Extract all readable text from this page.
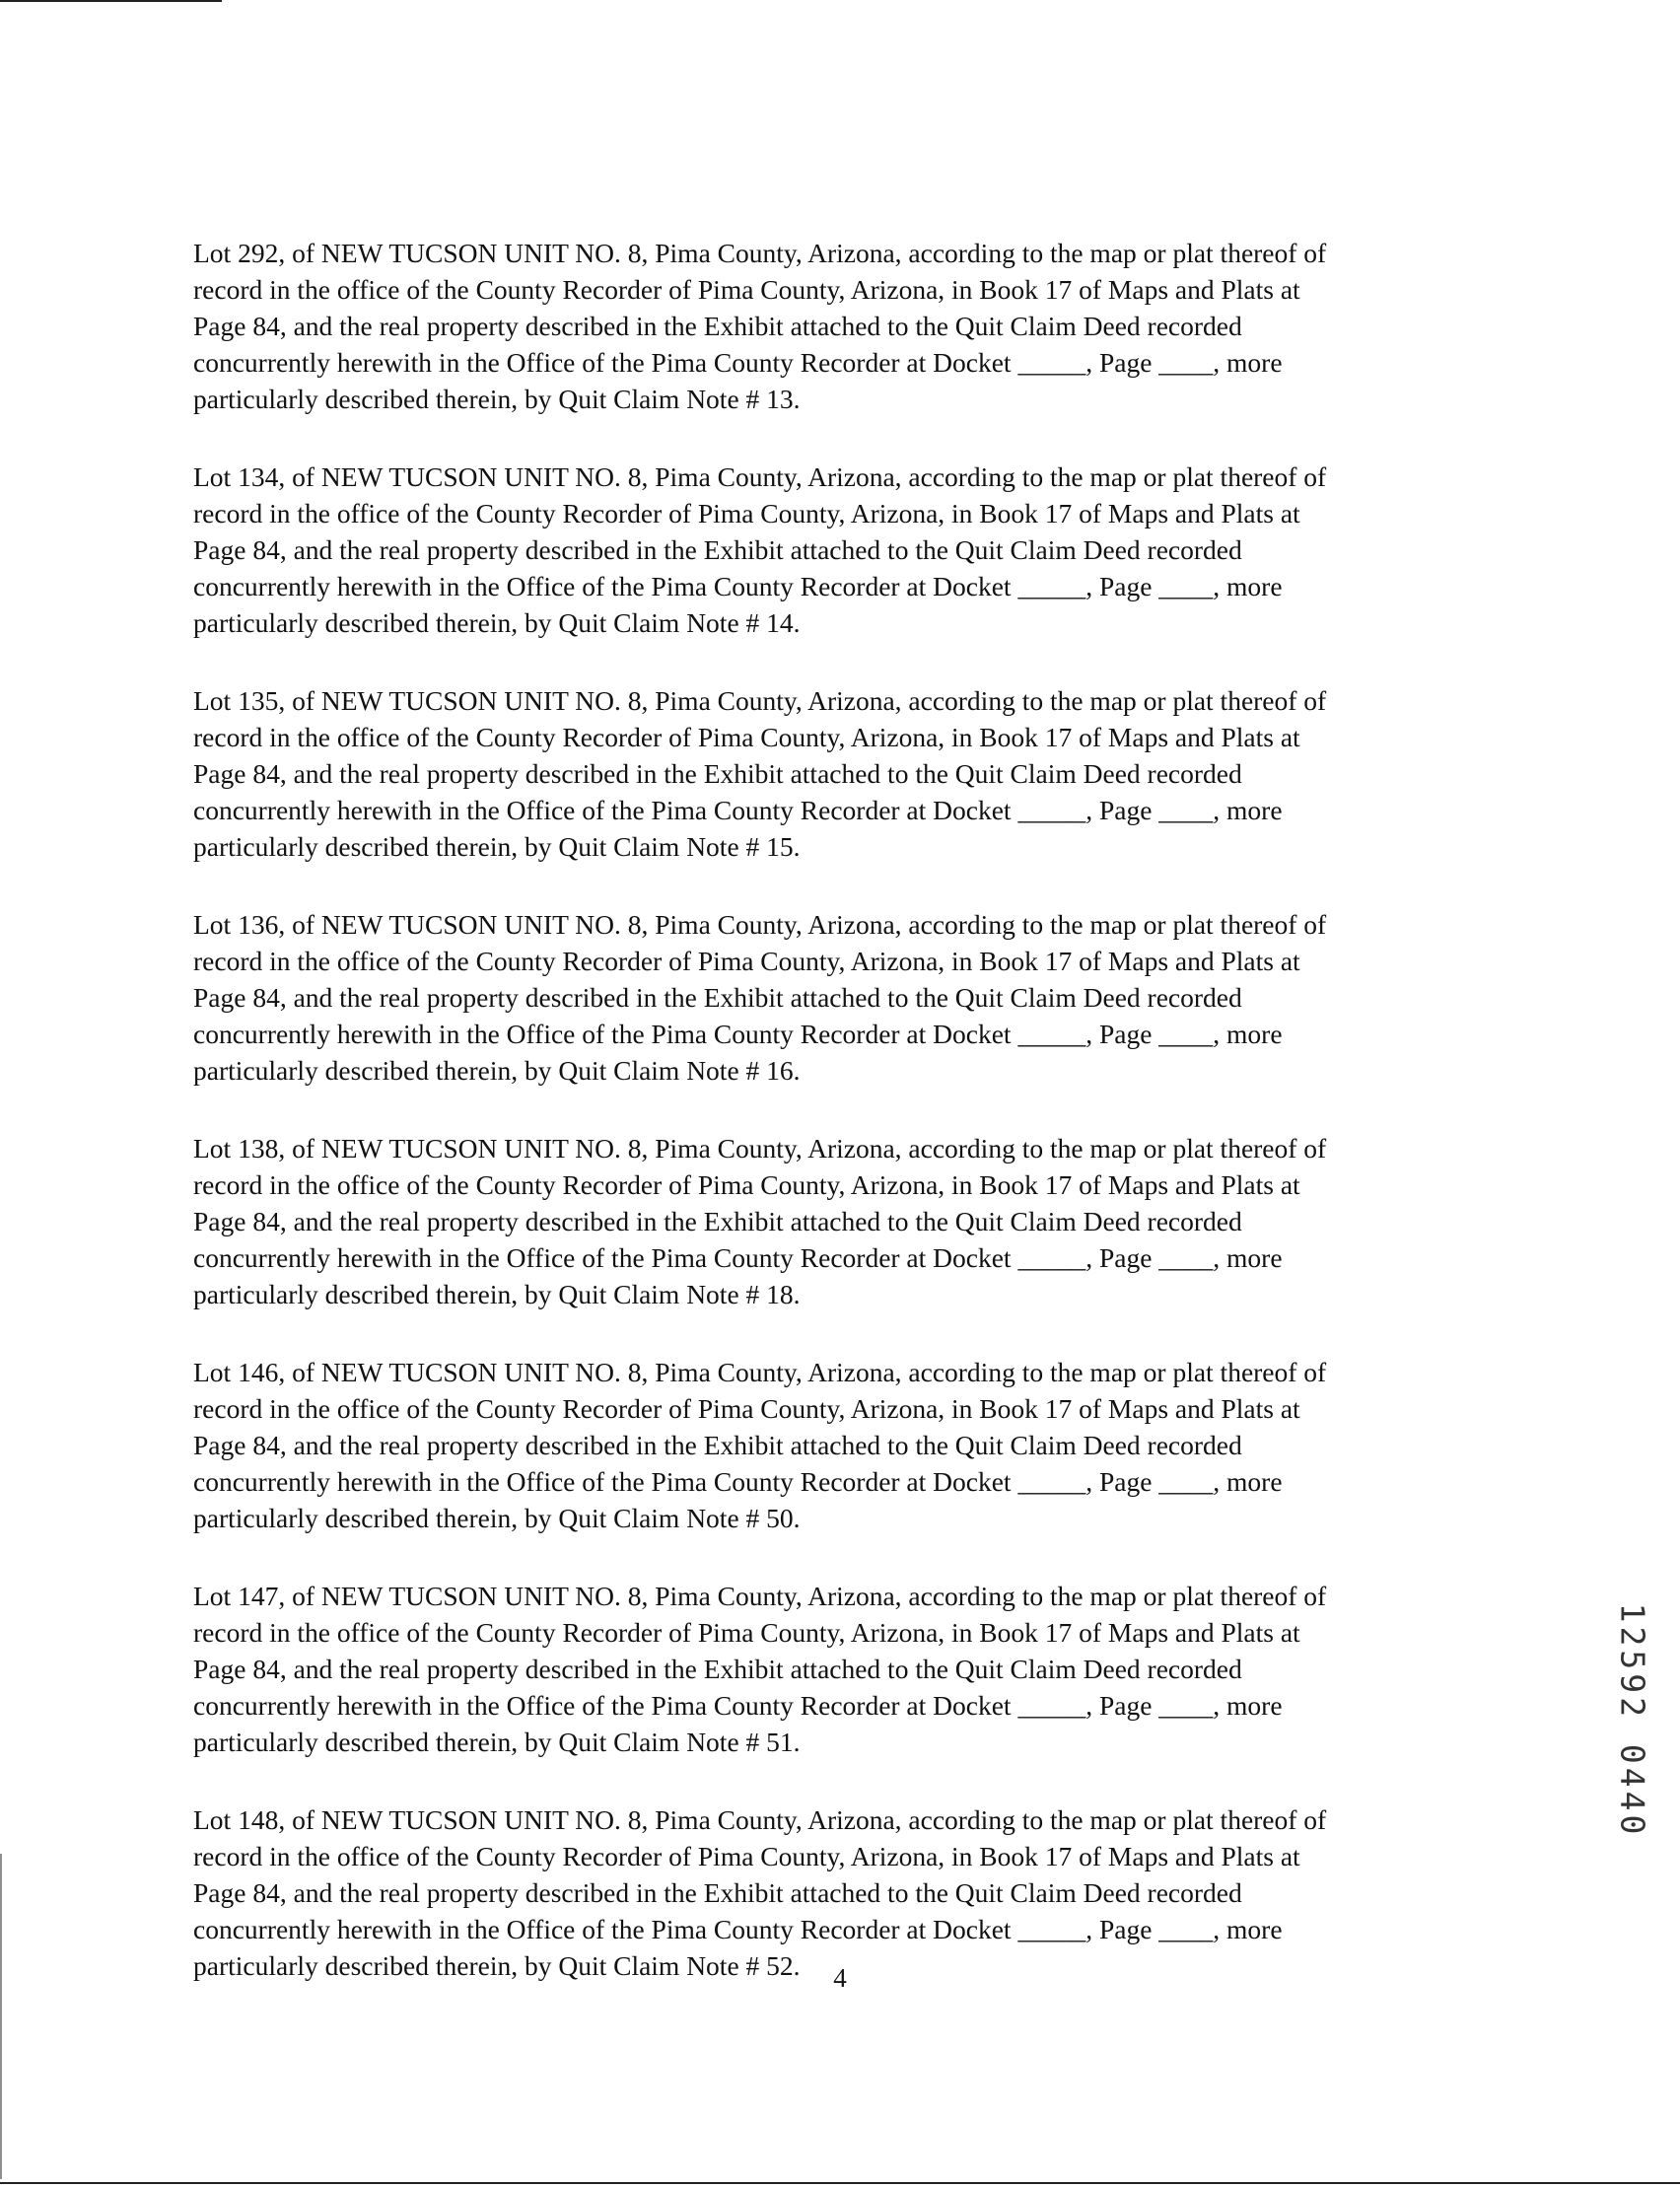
Lot 292, of NEW TUCSON UNIT NO. 8, Pima County, Arizona, according to the map or plat thereof of
record in the office of the County Recorder of Pima County, Arizona, in Book 17 of Maps and Plats at
Page 84, and the real property described in the Exhibit attached to the Quit Claim Deed recorded
concurrently herewith in the Office of the Pima County Recorder at Docket _____, Page ____, more
particularly described therein, by Quit Claim Note # 13.

Lot 134, of NEW TUCSON UNIT NO. 8, Pima County, Arizona, according to the map or plat thereof of
record in the office of the County Recorder of Pima County, Arizona, in Book 17 of Maps and Plats at
Page 84, and the real property described in the Exhibit attached to the Quit Claim Deed recorded
concurrently herewith in the Office of the Pima County Recorder at Docket _____, Page ____, more
particularly described therein, by Quit Claim Note # 14.

Lot 135, of NEW TUCSON UNIT NO. 8, Pima County, Arizona, according to the map or plat thereof of
record in the office of the County Recorder of Pima County, Arizona, in Book 17 of Maps and Plats at
Page 84, and the real property described in the Exhibit attached to the Quit Claim Deed recorded
concurrently herewith in the Office of the Pima County Recorder at Docket _____, Page ____, more
particularly described therein, by Quit Claim Note # 15.

Lot 136, of NEW TUCSON UNIT NO. 8, Pima County, Arizona, according to the map or plat thereof of
record in the office of the County Recorder of Pima County, Arizona, in Book 17 of Maps and Plats at
Page 84, and the real property described in the Exhibit attached to the Quit Claim Deed recorded
concurrently herewith in the Office of the Pima County Recorder at Docket _____, Page ____, more
particularly described therein, by Quit Claim Note # 16.

Lot 138, of NEW TUCSON UNIT NO. 8, Pima County, Arizona, according to the map or plat thereof of
record in the office of the County Recorder of Pima County, Arizona, in Book 17 of Maps and Plats at
Page 84, and the real property described in the Exhibit attached to the Quit Claim Deed recorded
concurrently herewith in the Office of the Pima County Recorder at Docket _____, Page ____, more
particularly described therein, by Quit Claim Note # 18.

Lot 146, of NEW TUCSON UNIT NO. 8, Pima County, Arizona, according to the map or plat thereof of
record in the office of the County Recorder of Pima County, Arizona, in Book 17 of Maps and Plats at
Page 84, and the real property described in the Exhibit attached to the Quit Claim Deed recorded
concurrently herewith in the Office of the Pima County Recorder at Docket _____, Page ____, more
particularly described therein, by Quit Claim Note # 50.

Lot 147, of NEW TUCSON UNIT NO. 8, Pima County, Arizona, according to the map or plat thereof of
record in the office of the County Recorder of Pima County, Arizona, in Book 17 of Maps and Plats at
Page 84, and the real property described in the Exhibit attached to the Quit Claim Deed recorded
concurrently herewith in the Office of the Pima County Recorder at Docket _____, Page ____, more
particularly described therein, by Quit Claim Note # 51.

Lot 148, of NEW TUCSON UNIT NO. 8, Pima County, Arizona, according to the map or plat thereof of
record in the office of the County Recorder of Pima County, Arizona, in Book 17 of Maps and Plats at
Page 84, and the real property described in the Exhibit attached to the Quit Claim Deed recorded
concurrently herewith in the Office of the Pima County Recorder at Docket _____, Page ____, more
particularly described therein, by Quit Claim Note # 52.	4
12592 0440
